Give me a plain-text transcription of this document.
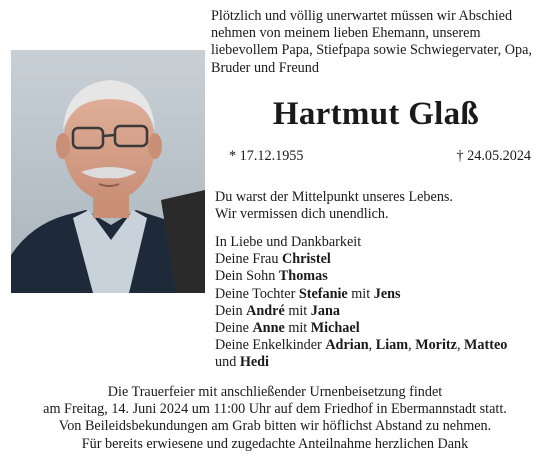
Plötzlich und völlig unerwartet müssen wir Abschied
nehmen von meinem lieben Ehemann, unserem
liebevollem Papa, Stiefpapa sowie Schwiegervater, Opa,
Bruder und Freund
Hartmut Glaß
* 17.12.1955	† 24.05.2024
Du warst der Mittelpunkt unseres Lebens.
Wir vermissen dich unendlich.
In Liebe und Dankbarkeit
Deine Frau Christel
Dein Sohn Thomas
Deine Tochter Stefanie mit Jens
Dein André mit Jana
Deine Anne mit Michael
Deine Enkelkinder Adrian, Liam, Moritz, Matteo
und Hedi
Die Trauerfeier mit anschließender Urnenbeisetzung findet
am Freitag, 14. Juni 2024 um 11:00 Uhr auf dem Friedhof in Ebermannstadt statt.
Von Beileidsbekundungen am Grab bitten wir höflichst Abstand zu nehmen.
Für bereits erwiesene und zugedachte Anteilnahme herzlichen Dank
